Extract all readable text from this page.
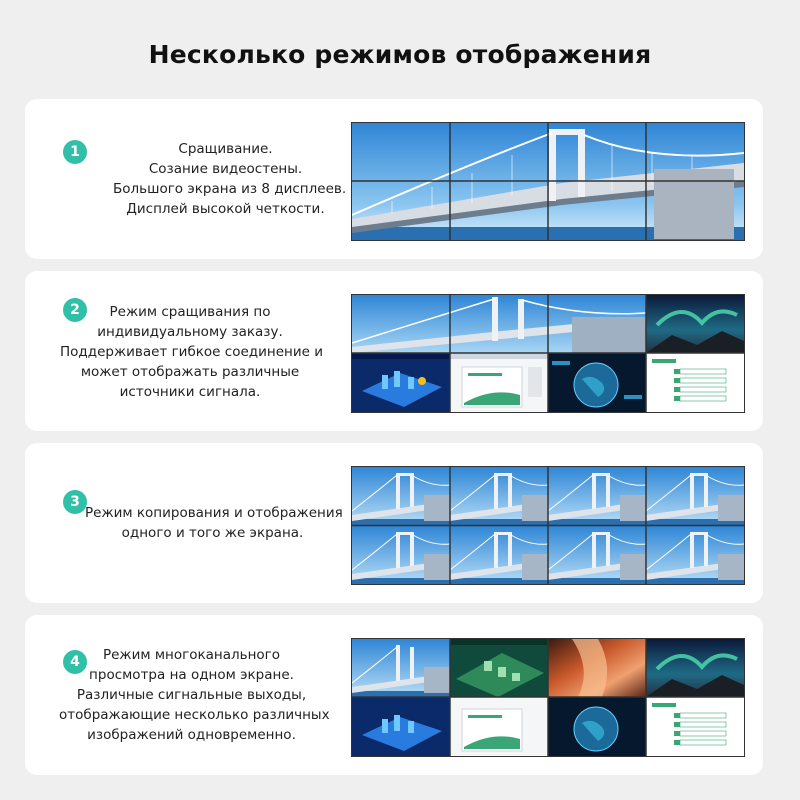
Несколько режимов отображения
1	Сращивание.
Созание видеостены.
Большого экрана из 8 дисплеев.
Дисплей высокой четкости.
2	Режим сращивания по
индивидуальному заказу.
Поддерживает гибкое соединение и
может отображать различные
источники сигнала.
3
Режим копирования и отображения
одного и того же экрана.
4	Режим многоканального
просмотра на одном экране.
Различные сигнальные выходы,
отображающие несколько различных
изображений одновременно.
